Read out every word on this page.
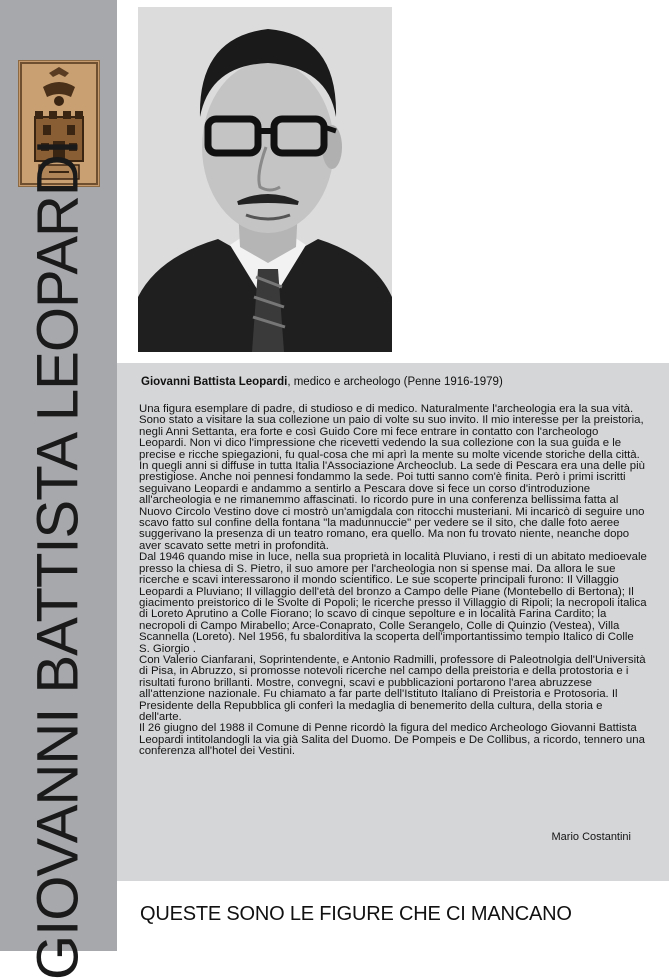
GIOVANNI BATTISTA LEOPARDI	Giovanni Battista Leopardi, medico e archeologo (Penne 1916-1979)

Una figura esemplare di padre, di studioso e di medico. Naturalmente l'archeologia era la sua vità. Sono stato a visitare la sua collezione un paio di volte su suo invito. Il mio interesse per la preistoria, negli Anni Settanta, era forte e così Guido Core mi fece entrare in contatto con l'archeologo Leopardi. Non vi dico l'impressione che ricevetti vedendo la sua collezione con la sua guida e le precise e ricche spiegazioni, fu qual-cosa che mi aprì la mente su molte vicende storiche della città. In quegli anni si diffuse in tutta Italia l'Associazione Archeoclub. La sede di Pescara era una delle più prestigiose. Anche noi pennesi fondammo la sede. Poi tutti sanno com'è finita. Però i primi iscritti seguivano Leopardi e andammo a sentirlo a Pescara dove si fece un corso d'introduzione all'archeologia e ne rimanemmo affascinati. Io ricordo pure in una conferenza bellissima fatta al Nuovo Circolo Vestino dove ci mostrò un'amigdala con ritocchi musteriani. Mi incaricò di seguire uno scavo fatto sul confine della fontana "la madunnuccie" per vedere se il sito, che dalle foto aeree suggerivano la presenza di un teatro romano, era quello. Ma non fu trovato niente, neanche dopo aver scavato sette metri in profondità.

Dal 1946 quando mise in luce, nella sua proprietà in località Pluviano, i resti di un abitato medioevale presso la chiesa di S. Pietro, il suo amore per l'archeologia non si spense mai. Da allora le sue ricerche e scavi interessarono il mondo scientifico. Le sue scoperte principali furono: Il Villaggio Leopardi a Pluviano; Il villaggio dell'età del bronzo a Campo delle Piane (Montebello di Bertona); Il giacimento preistorico di le Svolte di Popoli; le ricerche presso il Villaggio di Ripoli; la necropoli italica di Loreto Aprutino a Colle Fiorano; lo scavo di cinque sepolture e in località Farina Cardito; la necropoli di Campo Mirabello; Arce-Conaprato, Colle Serangelo, Colle di Quinzio (Vestea), Villa Scannella (Loreto). Nel 1956, fu sbalorditiva la scoperta dell'importantissimo tempio Italico di Colle S. Giorgio .

Con Valerio Cianfarani, Soprintendente, e Antonio Radmilli, professore di Paleotnolgia dell'Università di Pisa, in Abruzzo, si promosse notevoli ricerche nel campo della preistoria e della protostoria e i risultati furono brillanti. Mostre, convegni, scavi e pubblicazioni portarono l'area abruzzese all'attenzione nazionale. Fu chiamato a far parte dell'Istituto Italiano di Preistoria e Protosoria. Il Presidente della Repubblica gli conferì la medaglia di benemerito della cultura, della storia e dell'arte.

Il 26 giugno del 1988 il Comune di Penne ricordò la figura del medico Archeologo Giovanni Battista Leopardi intitolandogli la via già Salita del Duomo. De Pompeis e De Collibus, a ricordo, tennero una conferenza all'hotel dei Vestini.

Mario Costantini
QUESTE SONO LE FIGURE CHE CI MANCANO
